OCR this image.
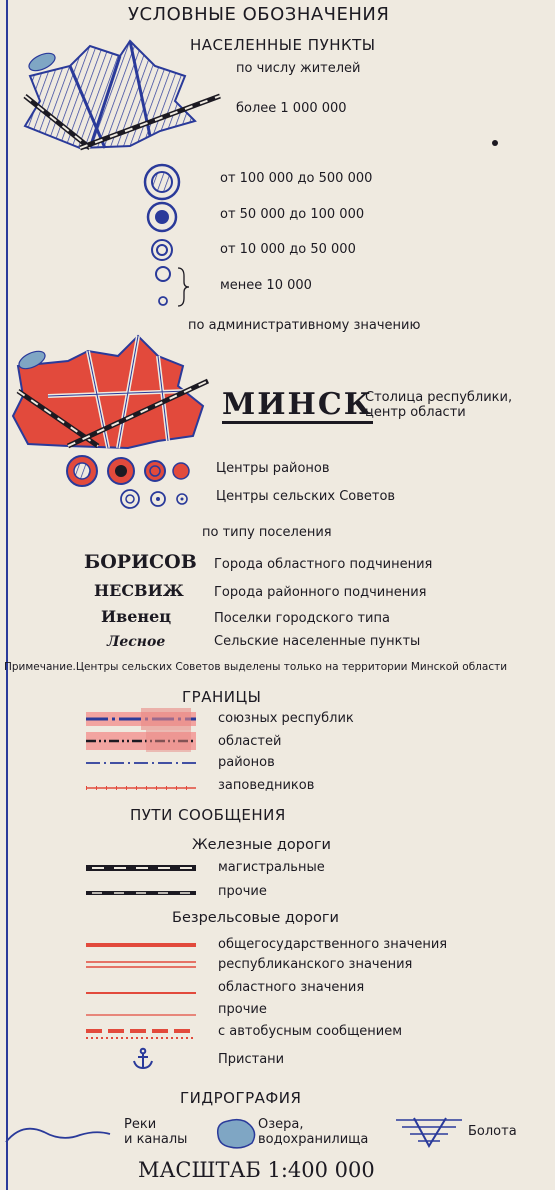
УСЛОВНЫЕ ОБОЗНАЧЕНИЯ
НАСЕЛЕННЫЕ ПУНКТЫ
по числу жителей
более 1 000 000
от 100 000 до 500 000
от 50 000 до 100 000
от 10 000 до 50 000
менее 10 000
по административному значению
МИНСК
Столица республики,
центр области
Центры районов
Центры сельских Советов
по типу поселения
БОРИСОВ Города областного подчинения
НЕСВИЖ Города районного подчинения
Ивенец	Поселки городского типа
Лесное	Сельские населенные пункты
Примечание.Центры сельских Советов выделены только на территории Минской области
ГРАНИЦЫ
союзных республик
областей
районов
заповедников
ПУТИ СООБЩЕНИЯ
Железные дороги
магистральные
прочие
Безрельсовые дороги
общегосударственного значения
республиканского значения
областного значения
прочие
с автобусным сообщением
Пристани
ГИДРОГРАФИЯ
Реки
и каналы
Озера,
водохранилища
Болота
МАСШТАБ 1:400 000
